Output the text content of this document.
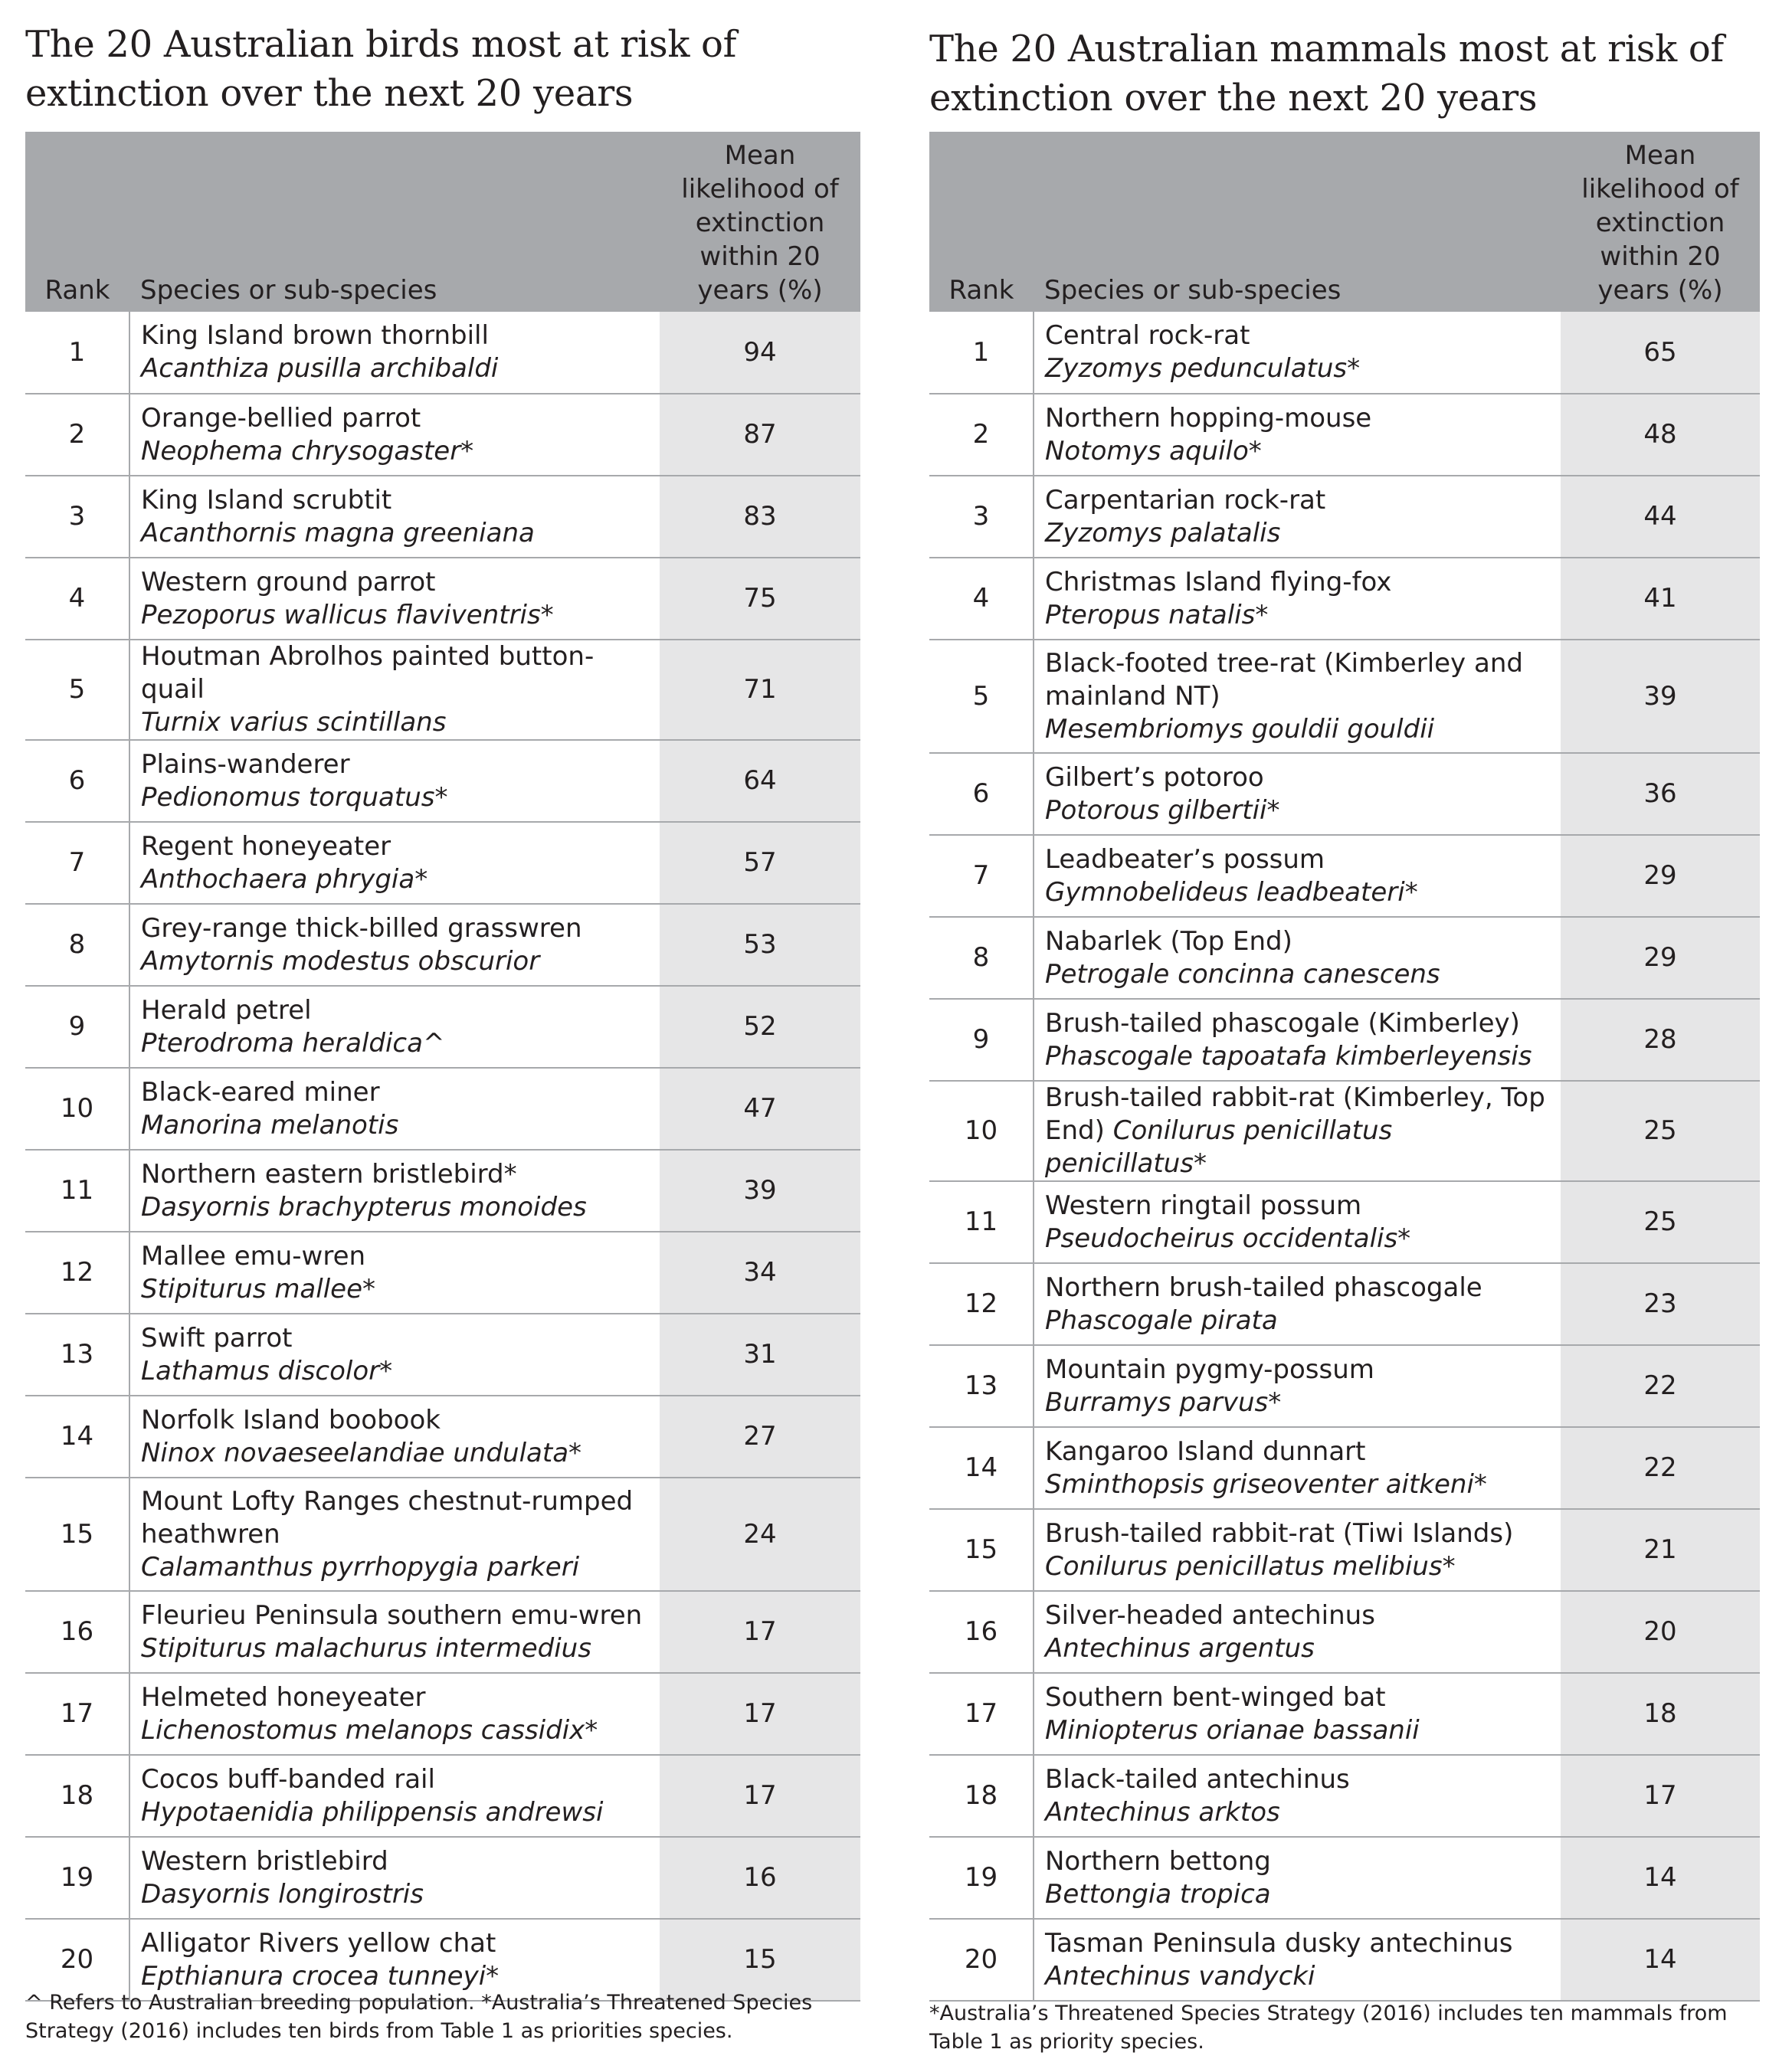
The 20 Australian birds most at risk of extinction over the next 20 years
Rank	Species or sub-species	Mean likelihood of extinction within 20 years (%)
1	King Island brown thornbill
Acanthiza pusilla archibaldi	94
2	Orange-bellied parrot
Neophema chrysogaster*	87
3	King Island scrubtit
Acanthornis magna greeniana	83
4	Western ground parrot
Pezoporus wallicus flaviventris*	75
5	Houtman Abrolhos painted button-quail
Turnix varius scintillans	71
6	Plains-wanderer
Pedionomus torquatus*	64
7	Regent honeyeater
Anthochaera phrygia*	57
8	Grey-range thick-billed grasswren
Amytornis modestus obscurior	53
9	Herald petrel
Pterodroma heraldica^	52
10	Black-eared miner
Manorina melanotis	47
11	Northern eastern bristlebird*
Dasyornis brachypterus monoides	39
12	Mallee emu-wren
Stipiturus mallee*	34
13	Swift parrot
Lathamus discolor*	31
14	Norfolk Island boobook
Ninox novaeseelandiae undulata*	27
15	Mount Lofty Ranges chestnut-rumped heathwren
Calamanthus pyrrhopygia parkeri	24
16	Fleurieu Peninsula southern emu-wren
Stipiturus malachurus intermedius	17
17	Helmeted honeyeater
Lichenostomus melanops cassidix*	17
18	Cocos buff-banded rail
Hypotaenidia philippensis andrewsi	17
19	Western bristlebird
Dasyornis longirostris	16
20	Alligator Rivers yellow chat
Epthianura crocea tunneyi*	15

^ Refers to Australian breeding population. *Australia’s Threatened Species Strategy (2016) includes ten birds from Table 1 as priorities species.

The 20 Australian mammals most at risk of extinction over the next 20 years
Rank	Species or sub-species	Mean likelihood of extinction within 20 years (%)
1	Central rock-rat
Zyzomys pedunculatus*	65
2	Northern hopping-mouse
Notomys aquilo*	48
3	Carpentarian rock-rat
Zyzomys palatalis	44
4	Christmas Island flying-fox
Pteropus natalis*	41
5	Black-footed tree-rat (Kimberley and mainland NT)
Mesembriomys gouldii gouldii	39
6	Gilbert’s potoroo
Potorous gilbertii*	36
7	Leadbeater’s possum
Gymnobelideus leadbeateri*	29
8	Nabarlek (Top End)
Petrogale concinna canescens	29
9	Brush-tailed phascogale (Kimberley)
Phascogale tapoatafa kimberleyensis	28
10	Brush-tailed rabbit-rat (Kimberley, Top End) Conilurus penicillatus penicillatus*	25
11	Western ringtail possum
Pseudocheirus occidentalis*	25
12	Northern brush-tailed phascogale
Phascogale pirata	23
13	Mountain pygmy-possum
Burramys parvus*	22
14	Kangaroo Island dunnart
Sminthopsis griseoventer aitkeni*	22
15	Brush-tailed rabbit-rat (Tiwi Islands)
Conilurus penicillatus melibius*	21
16	Silver-headed antechinus
Antechinus argentus	20
17	Southern bent-winged bat
Miniopterus orianae bassanii	18
18	Black-tailed antechinus
Antechinus arktos	17
19	Northern bettong
Bettongia tropica	14
20	Tasman Peninsula dusky antechinus
Antechinus vandycki	14

*Australia’s Threatened Species Strategy (2016) includes ten mammals from Table 1 as priority species.
